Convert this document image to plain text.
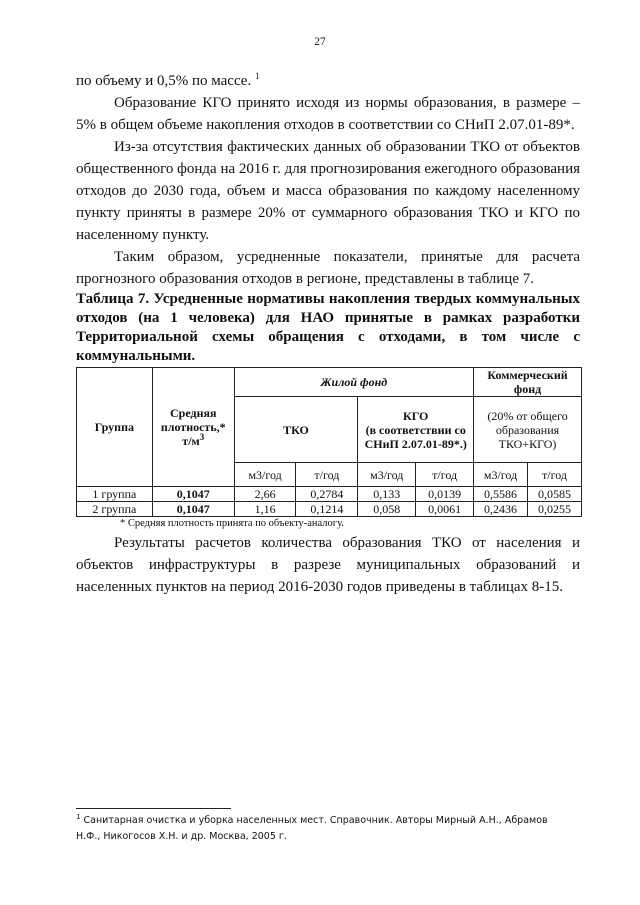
27

по объему и 0,5% по массе. $^1$

Образование КГО принято исходя из нормы образования, в размере – 5% в общем объеме накопления отходов в соответствии со СНиП 2.07.01-89*.

Из-за отсутствия фактических данных об образовании ТКО от объектов общественного фонда на 2016 г. для прогнозирования ежегодного образования отходов до 2030 года, объем и масса образования по каждому населенному пункту приняты в размере 20% от суммарного образования ТКО и КГО по населенному пункту.

Таким образом, усредненные показатели, принятые для расчета прогнозного образования отходов в регионе, представлены в таблице 7.

Таблица 7. Усредненные нормативы накопления твердых коммунальных отходов (на 1 человека) для НАО принятые в рамках разработки Территориальной схемы обращения с отходами, в том числе с коммунальными.
Группа	Средняя плотность,*
$т/м^3$	Жилой фонд				Коммерческий фонд	
		ТКО		КГО
(в соответствии со СНиП 2.07.01-89*.)		(20% от общего образования ТКО+КГО)	
		м3/год	т/год	м3/год	т/год	м3/год	т/год
1 группа	0,1047	2,66	0,2784	0,133	0,0139	0,5586	0,0585
2 группа	0,1047	1,16	0,1214	0,058	0,0061	0,2436	0,0255
* Средняя плотность принята по объекту-аналогу.

Результаты расчетов количества образования ТКО от населения и объектов инфраструктуры в разрезе муниципальных образований и населенных пунктов на период 2016-2030 годов приведены в таблицах 8-15.

$^1$ Санитарная очистка и уборка населенных мест. Справочник. Авторы Мирный А.Н., Абрамов Н.Ф., Никогосов Х.Н. и др. Москва, 2005 г.
